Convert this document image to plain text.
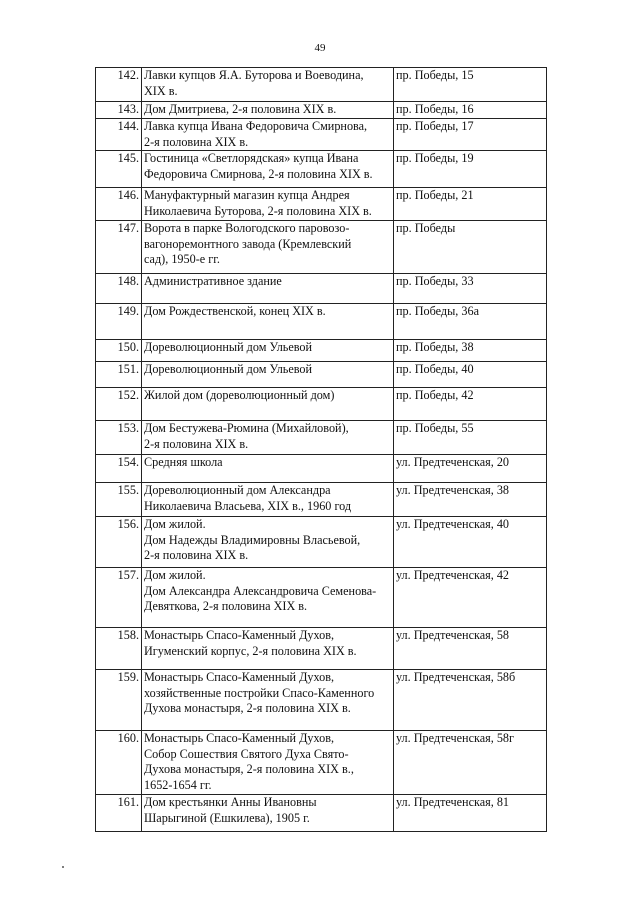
49
142.	Лавки купцов Я.А. Буторова и Воеводина,
XIX в.	пр. Победы, 15
143.	Дом Дмитриева, 2-я половина XIX в.	пр. Победы, 16
144.	Лавка купца Ивана Федоровича Смирнова,
2-я половина XIX в.	пр. Победы, 17
145.	Гостиница «Светлорядская» купца Ивана
Федоровича Смирнова, 2-я половина XIX в.	пр. Победы, 19
146.	Мануфактурный магазин купца Андрея
Николаевича Буторова, 2-я половина XIX в.	пр. Победы, 21
147.	Ворота в парке Вологодского паровозо-
вагоноремонтного завода (Кремлевский
сад), 1950-е гг.	пр. Победы
148.	Административное здание	пр. Победы, 33
149.	Дом Рождественской, конец XIX в.	пр. Победы, 36а
150.	Дореволюционный дом Ульевой	пр. Победы, 38
151.	Дореволюционный дом Ульевой	пр. Победы, 40
152.	Жилой дом (дореволюционный дом)	пр. Победы, 42
153.	Дом Бестужева-Рюмина (Михайловой),
2-я половина XIX в.	пр. Победы, 55
154.	Средняя школа	ул. Предтеченская, 20
155.	Дореволюционный дом Александра
Николаевича Власьева, XIX в., 1960 год	ул. Предтеченская, 38
156.	Дом жилой.
Дом Надежды Владимировны Власьевой,
2-я половина XIX в.	ул. Предтеченская, 40
157.	Дом жилой.
Дом Александра Александровича Семенова-
Девяткова, 2-я половина XIX в.	ул. Предтеченская, 42
158.	Монастырь Спасо-Каменный Духов,
Игуменский корпус, 2-я половина XIX в.	ул. Предтеченская, 58
159.	Монастырь Спасо-Каменный Духов,
хозяйственные постройки Спасо-Каменного
Духова монастыря, 2-я половина XIX в.	ул. Предтеченская, 58б
160.	Монастырь Спасо-Каменный Духов,
Собор Сошествия Святого Духа Свято-
Духова монастыря, 2-я половина XIX в.,
1652-1654 гг.	ул. Предтеченская, 58г
161.	Дом крестьянки Анны Ивановны
Шарыгиной (Ешкилева), 1905 г.	ул. Предтеченская, 81
